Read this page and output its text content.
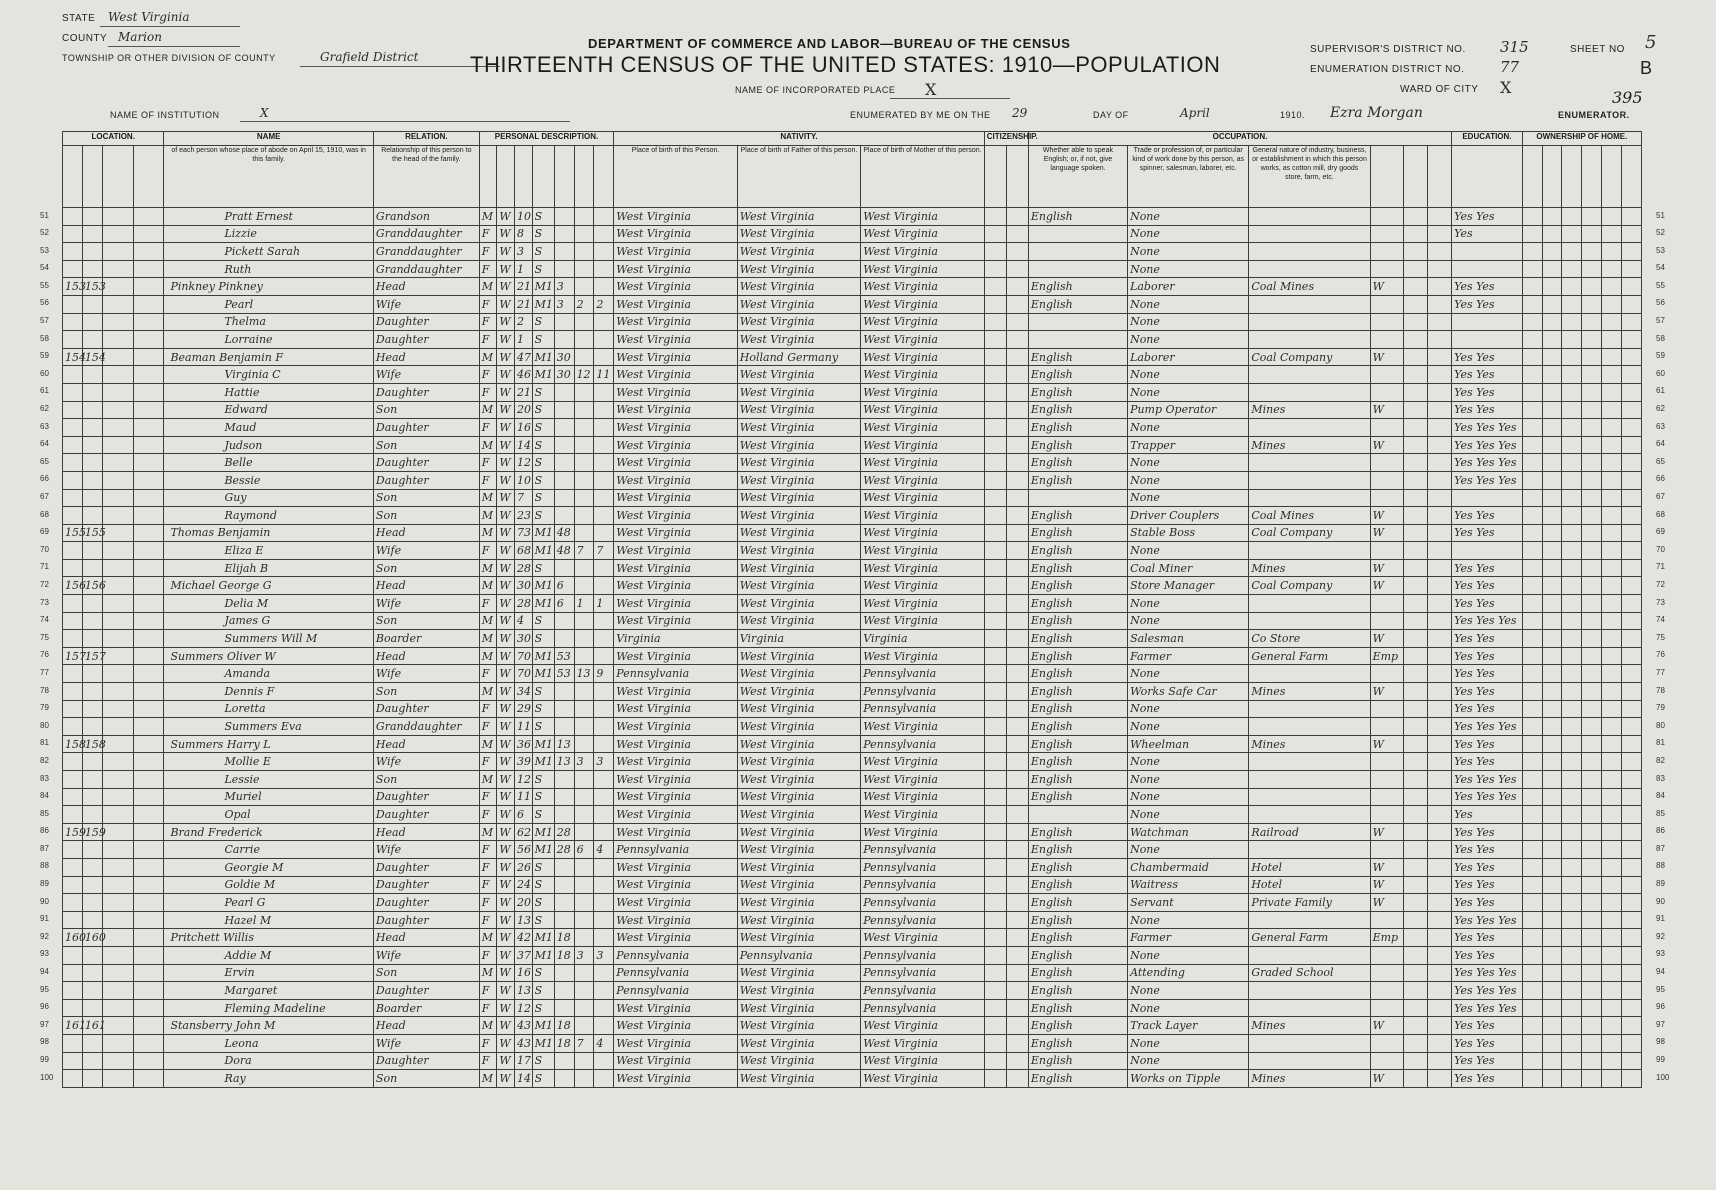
STATE West Virginia
COUNTY Marion
TOWNSHIP OR OTHER DIVISION OF COUNTY	Grafield District
NAME OF INSTITUTION	X
DEPARTMENT OF COMMERCE AND LABOR—BUREAU OF THE CENSUS
THIRTEENTH CENSUS OF THE UNITED STATES: 1910—POPULATION
NAME OF INCORPORATED PLACE X
ENUMERATED BY ME ON THE 29	DAY OF	April	1910. Ezra Morgan	ENUMERATOR.
395
SUPERVISOR'S DISTRICT NO. 315
ENUMERATION DISTRICT NO. 77
WARD OF CITY X
SHEET NO 5
B
LOCATION.				NAME	RELATION.	PERSONAL DESCRIPTION.							NATIVITY.			CITIZENSHIP.		OCCUPATION.						EDUCATION.	OWNERSHIP OF HOME.					
				of each person whose place of abode on April 15, 1910, was in this family.	Relationship of this person to the head of the family.								Place of birth of this Person.	Place of birth of Father of this person.	Place of birth of Mother of this person.			Whether able to speak English; or, if not, give language spoken.	Trade or profession of, or particular kind of work done by this person, as spinner, salesman, laborer, etc.	General nature of industry, business, or establishment in which this person works, as cotton mill, dry goods store, farm, etc.										
				Pratt Ernest	Grandson	M	W	10	S				West Virginia	West Virginia	West Virginia			English	None					Yes Yes						
				Lizzie	Granddaughter	F	W	8	S				West Virginia	West Virginia	West Virginia				None					Yes						
				Pickett Sarah	Granddaughter	F	W	3	S				West Virginia	West Virginia	West Virginia				None											
				Ruth	Granddaughter	F	W	1	S				West Virginia	West Virginia	West Virginia				None											
153	153			Pinkney Pinkney	Head	M	W	21	M1	3			West Virginia	West Virginia	West Virginia			English	Laborer	Coal Mines	W			Yes Yes						
				Pearl	Wife	F	W	21	M1	3	2	2	West Virginia	West Virginia	West Virginia			English	None					Yes Yes						
				Thelma	Daughter	F	W	2	S				West Virginia	West Virginia	West Virginia				None											
				Lorraine	Daughter	F	W	1	S				West Virginia	West Virginia	West Virginia				None											
154	154			Beaman Benjamin F	Head	M	W	47	M1	30			West Virginia	Holland Germany	West Virginia			English	Laborer	Coal Company	W			Yes Yes						
				Virginia C	Wife	F	W	46	M1	30	12	11	West Virginia	West Virginia	West Virginia			English	None					Yes Yes						
				Hattie	Daughter	F	W	21	S				West Virginia	West Virginia	West Virginia			English	None					Yes Yes						
				Edward	Son	M	W	20	S				West Virginia	West Virginia	West Virginia			English	Pump Operator	Mines	W			Yes Yes						
				Maud	Daughter	F	W	16	S				West Virginia	West Virginia	West Virginia			English	None					Yes Yes Yes						
				Judson	Son	M	W	14	S				West Virginia	West Virginia	West Virginia			English	Trapper	Mines	W			Yes Yes Yes						
				Belle	Daughter	F	W	12	S				West Virginia	West Virginia	West Virginia			English	None					Yes Yes Yes						
				Bessie	Daughter	F	W	10	S				West Virginia	West Virginia	West Virginia			English	None					Yes Yes Yes						
				Guy	Son	M	W	7	S				West Virginia	West Virginia	West Virginia				None											
				Raymond	Son	M	W	23	S				West Virginia	West Virginia	West Virginia			English	Driver Couplers	Coal Mines	W			Yes Yes						
155	155			Thomas Benjamin	Head	M	W	73	M1	48			West Virginia	West Virginia	West Virginia			English	Stable Boss	Coal Company	W			Yes Yes						
				Eliza E	Wife	F	W	68	M1	48	7	7	West Virginia	West Virginia	West Virginia			English	None											
				Elijah B	Son	M	W	28	S				West Virginia	West Virginia	West Virginia			English	Coal Miner	Mines	W			Yes Yes						
156	156			Michael George G	Head	M	W	30	M1	6			West Virginia	West Virginia	West Virginia			English	Store Manager	Coal Company	W			Yes Yes						
				Delia M	Wife	F	W	28	M1	6	1	1	West Virginia	West Virginia	West Virginia			English	None					Yes Yes						
				James G	Son	M	W	4	S				West Virginia	West Virginia	West Virginia			English	None					Yes Yes Yes						
				Summers Will M	Boarder	M	W	30	S				Virginia	Virginia	Virginia			English	Salesman	Co Store	W			Yes Yes						
157	157			Summers Oliver W	Head	M	W	70	M1	53			West Virginia	West Virginia	West Virginia			English	Farmer	General Farm	Emp			Yes Yes						
				Amanda	Wife	F	W	70	M1	53	13	9	Pennsylvania	West Virginia	Pennsylvania			English	None					Yes Yes						
				Dennis F	Son	M	W	34	S				West Virginia	West Virginia	Pennsylvania			English	Works Safe Car	Mines	W			Yes Yes						
				Loretta	Daughter	F	W	29	S				West Virginia	West Virginia	Pennsylvania			English	None					Yes Yes						
				Summers Eva	Granddaughter	F	W	11	S				West Virginia	West Virginia	West Virginia			English	None					Yes Yes Yes						
158	158			Summers Harry L	Head	M	W	36	M1	13			West Virginia	West Virginia	Pennsylvania			English	Wheelman	Mines	W			Yes Yes						
				Mollie E	Wife	F	W	39	M1	13	3	3	West Virginia	West Virginia	West Virginia			English	None					Yes Yes						
				Lessie	Son	M	W	12	S				West Virginia	West Virginia	West Virginia			English	None					Yes Yes Yes						
				Muriel	Daughter	F	W	11	S				West Virginia	West Virginia	West Virginia			English	None					Yes Yes Yes						
				Opal	Daughter	F	W	6	S				West Virginia	West Virginia	West Virginia				None					Yes						
159	159			Brand Frederick	Head	M	W	62	M1	28			West Virginia	West Virginia	West Virginia			English	Watchman	Railroad	W			Yes Yes						
				Carrie	Wife	F	W	56	M1	28	6	4	Pennsylvania	West Virginia	Pennsylvania			English	None					Yes Yes						
				Georgie M	Daughter	F	W	26	S				West Virginia	West Virginia	Pennsylvania			English	Chambermaid	Hotel	W			Yes Yes						
				Goldie M	Daughter	F	W	24	S				West Virginia	West Virginia	Pennsylvania			English	Waitress	Hotel	W			Yes Yes						
				Pearl G	Daughter	F	W	20	S				West Virginia	West Virginia	Pennsylvania			English	Servant	Private Family	W			Yes Yes						
				Hazel M	Daughter	F	W	13	S				West Virginia	West Virginia	Pennsylvania			English	None					Yes Yes Yes						
160	160			Pritchett Willis	Head	M	W	42	M1	18			West Virginia	West Virginia	West Virginia			English	Farmer	General Farm	Emp			Yes Yes						
				Addie M	Wife	F	W	37	M1	18	3	3	Pennsylvania	Pennsylvania	Pennsylvania			English	None					Yes Yes						
				Ervin	Son	M	W	16	S				Pennsylvania	West Virginia	Pennsylvania			English	Attending	Graded School				Yes Yes Yes						
				Margaret	Daughter	F	W	13	S				Pennsylvania	West Virginia	Pennsylvania			English	None					Yes Yes Yes						
				Fleming Madeline	Boarder	F	W	12	S				West Virginia	West Virginia	Pennsylvania			English	None					Yes Yes Yes						
161	161			Stansberry John M	Head	M	W	43	M1	18			West Virginia	West Virginia	West Virginia			English	Track Layer	Mines	W			Yes Yes						
				Leona	Wife	F	W	43	M1	18	7	4	West Virginia	West Virginia	West Virginia			English	None					Yes Yes						
				Dora	Daughter	F	W	17	S				West Virginia	West Virginia	West Virginia			English	None					Yes Yes						
				Ray	Son	M	W	14	S				West Virginia	West Virginia	West Virginia			English	Works on Tipple	Mines	W			Yes Yes						
51	51
52	52
53	53
54	54
55	55
56	56
57	57
58	58
59	59
60	60
61	61
62	62
63	63
64	64
65	65
66	66
67	67
68	68
69	69
70	70
71	71
72	72
73	73
74	74
75	75
76	76
77	77
78	78
79	79
80	80
81	81
82	82
83	83
84	84
85	85
86	86
87	87
88	88
89	89
90	90
91	91
92	92
93	93
94	94
95	95
96	96
97	97
98	98
99	99
100	100
